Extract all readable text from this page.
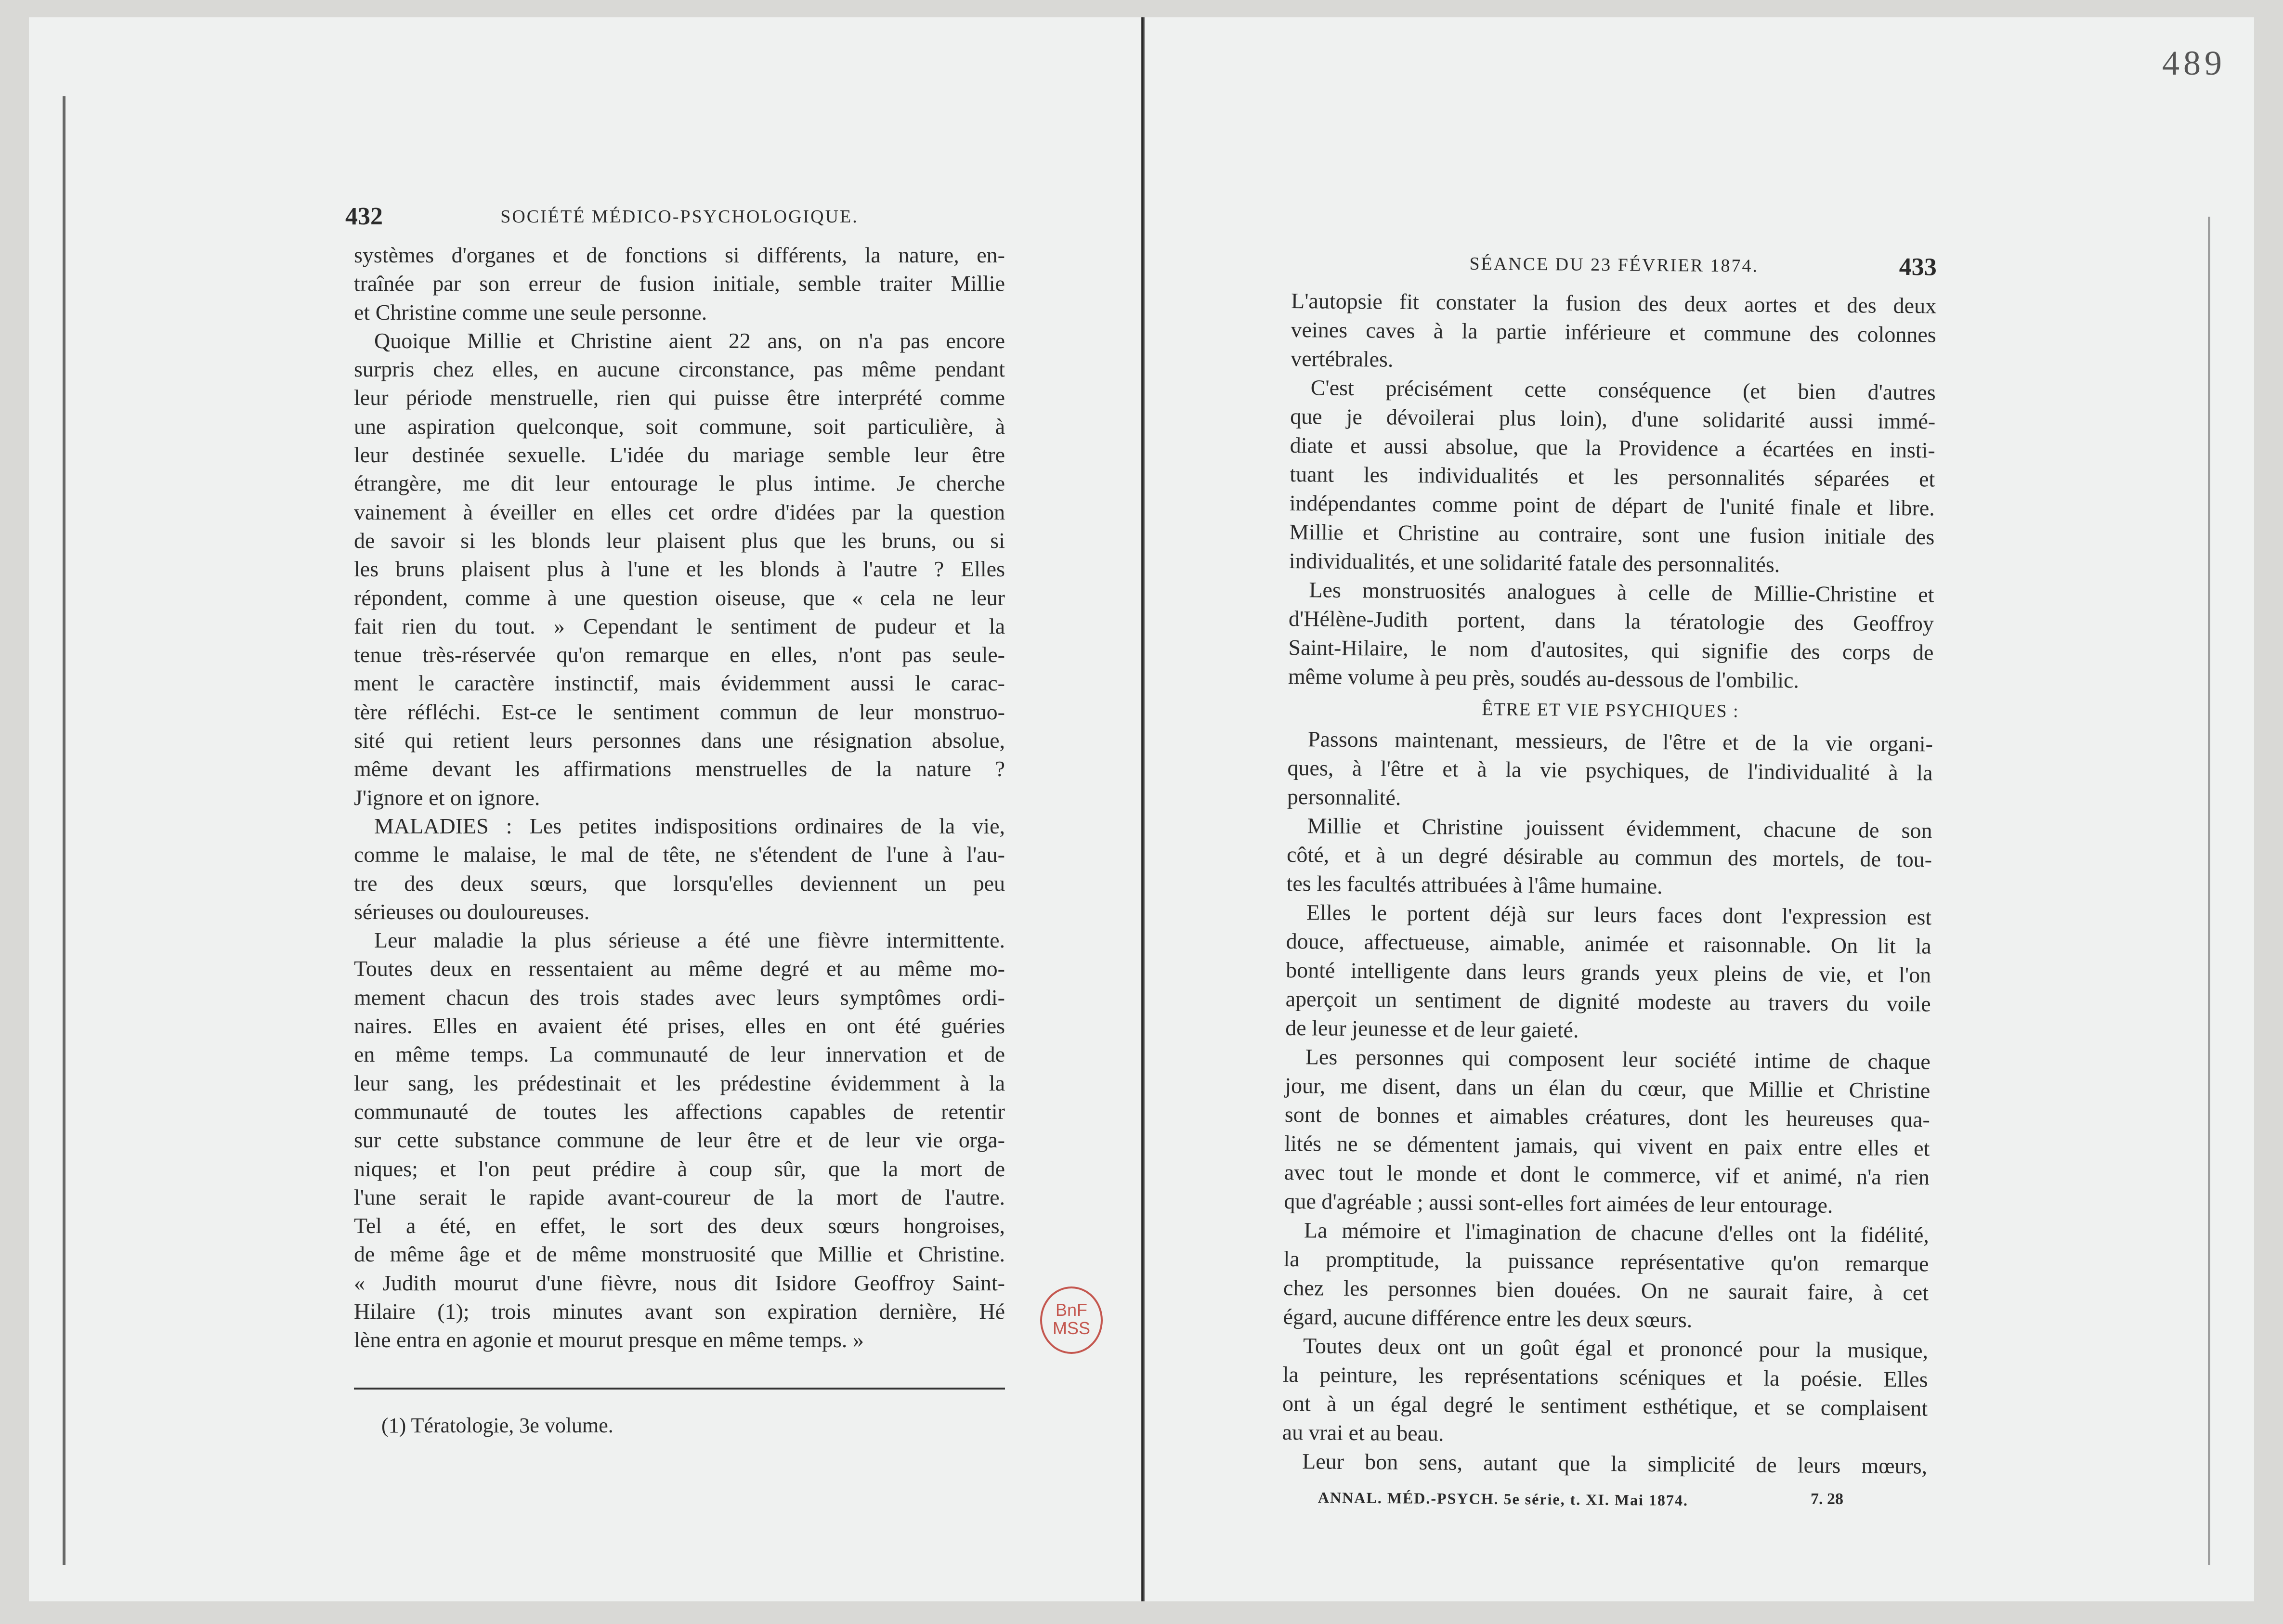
489
432	SOCIÉTÉ MÉDICO-PSYCHOLOGIQUE.
systèmes d'organes et de fonctions si différents, la nature, en-
traînée par son erreur de fusion initiale, semble traiter Millie
et Christine comme une seule personne.
Quoique Millie et Christine aient 22 ans, on n'a pas encore
surpris chez elles, en aucune circonstance, pas même pendant
leur période menstruelle, rien qui puisse être interprété comme
une aspiration quelconque, soit commune, soit particulière, à
leur destinée sexuelle. L'idée du mariage semble leur être
étrangère, me dit leur entourage le plus intime. Je cherche
vainement à éveiller en elles cet ordre d'idées par la question
de savoir si les blonds leur plaisent plus que les bruns, ou si
les bruns plaisent plus à l'une et les blonds à l'autre ? Elles
répondent, comme à une question oiseuse, que « cela ne leur
fait rien du tout. » Cependant le sentiment de pudeur et la
tenue très-réservée qu'on remarque en elles, n'ont pas seule-
ment le caractère instinctif, mais évidemment aussi le carac-
tère réfléchi. Est-ce le sentiment commun de leur monstruo-
sité qui retient leurs personnes dans une résignation absolue,
même devant les affirmations menstruelles de la nature ?
J'ignore et on ignore.
MALADIES : Les petites indispositions ordinaires de la vie,
comme le malaise, le mal de tête, ne s'étendent de l'une à l'au-
tre des deux sœurs, que lorsqu'elles deviennent un peu
sérieuses ou douloureuses.
Leur maladie la plus sérieuse a été une fièvre intermittente.
Toutes deux en ressentaient au même degré et au même mo-
mement chacun des trois stades avec leurs symptômes ordi-
naires. Elles en avaient été prises, elles en ont été guéries
en même temps. La communauté de leur innervation et de
leur sang, les prédestinait et les prédestine évidemment à la
communauté de toutes les affections capables de retentir
sur cette substance commune de leur être et de leur vie orga-
niques; et l'on peut prédire à coup sûr, que la mort de
l'une serait le rapide avant-coureur de la mort de l'autre.
Tel a été, en effet, le sort des deux sœurs hongroises,
de même âge et de même monstruosité que Millie et Christine.
« Judith mourut d'une fièvre, nous dit Isidore Geoffroy Saint-
Hilaire (1); trois minutes avant son expiration dernière, Hé
lène entra en agonie et mourut presque en même temps. »
(1) Tératologie, 3e volume.
SÉANCE DU 23 FÉVRIER 1874.	433
L'autopsie fit constater la fusion des deux aortes et des deux
veines caves à la partie inférieure et commune des colonnes
vertébrales.
C'est précisément cette conséquence (et bien d'autres
que je dévoilerai plus loin), d'une solidarité aussi immé-
diate et aussi absolue, que la Providence a écartées en insti-
tuant les individualités et les personnalités séparées et
indépendantes comme point de départ de l'unité finale et libre.
Millie et Christine au contraire, sont une fusion initiale des
individualités, et une solidarité fatale des personnalités.
Les monstruosités analogues à celle de Millie-Christine et
d'Hélène-Judith portent, dans la tératologie des Geoffroy
Saint-Hilaire, le nom d'autosites, qui signifie des corps de
même volume à peu près, soudés au-dessous de l'ombilic.
ÊTRE ET VIE PSYCHIQUES :
Passons maintenant, messieurs, de l'être et de la vie organi-
ques, à l'être et à la vie psychiques, de l'individualité à la
personnalité.
Millie et Christine jouissent évidemment, chacune de son
côté, et à un degré désirable au commun des mortels, de tou-
tes les facultés attribuées à l'âme humaine.
Elles le portent déjà sur leurs faces dont l'expression est
douce, affectueuse, aimable, animée et raisonnable. On lit la
bonté intelligente dans leurs grands yeux pleins de vie, et l'on
aperçoit un sentiment de dignité modeste au travers du voile
de leur jeunesse et de leur gaieté.
Les personnes qui composent leur société intime de chaque
jour, me disent, dans un élan du cœur, que Millie et Christine
sont de bonnes et aimables créatures, dont les heureuses qua-
lités ne se démentent jamais, qui vivent en paix entre elles et
avec tout le monde et dont le commerce, vif et animé, n'a rien
que d'agréable ; aussi sont-elles fort aimées de leur entourage.
La mémoire et l'imagination de chacune d'elles ont la fidélité,
la promptitude, la puissance représentative qu'on remarque
chez les personnes bien douées. On ne saurait faire, à cet
égard, aucune différence entre les deux sœurs.
Toutes deux ont un goût égal et prononcé pour la musique,
la peinture, les représentations scéniques et la poésie. Elles
ont à un égal degré le sentiment esthétique, et se complaisent
au vrai et au beau.
Leur bon sens, autant que la simplicité de leurs mœurs,
ANNAL. MÉD.-PSYCH. 5e série, t. XI. Mai 1874.	7. 28
BnF
MSS
